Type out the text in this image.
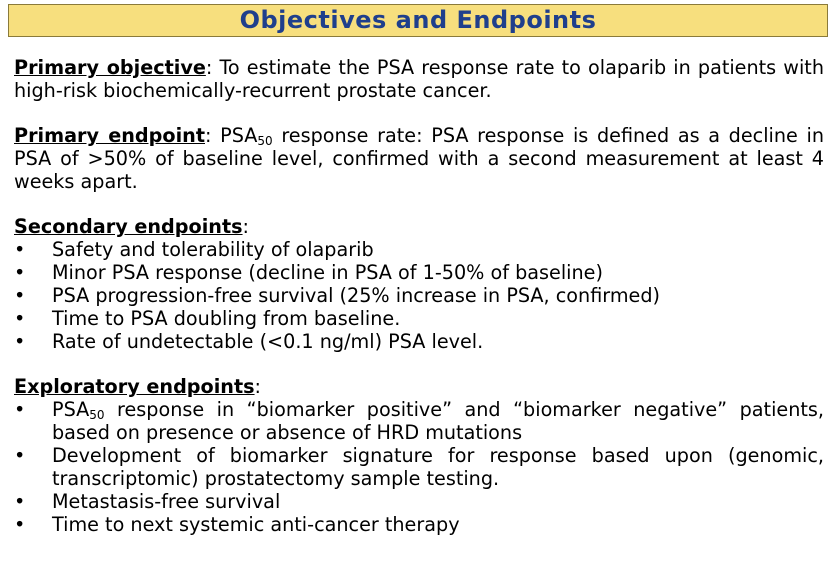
Objectives and Endpoints

Primary objective: To estimate the PSA response rate to olaparib in patients with high-risk biochemically-recurrent prostate cancer.

Primary endpoint: $PSA_{50}$ response rate: PSA response is defined as a decline in PSA of >50% of baseline level, confirmed with a second measurement at least 4 weeks apart.

Secondary endpoints:

• Safety and tolerability of olaparib
• Minor PSA response (decline in PSA of 1-50% of baseline)
• PSA progression-free survival (25% increase in PSA, confirmed)
• Time to PSA doubling from baseline.
• Rate of undetectable (<0.1 ng/ml) PSA level.

Exploratory endpoints:

• $PSA_{50}$ response in “biomarker positive” and “biomarker negative” patients, based on presence or absence of HRD mutations
• Development of biomarker signature for response based upon (genomic, transcriptomic) prostatectomy sample testing.
• Metastasis-free survival
• Time to next systemic anti-cancer therapy
